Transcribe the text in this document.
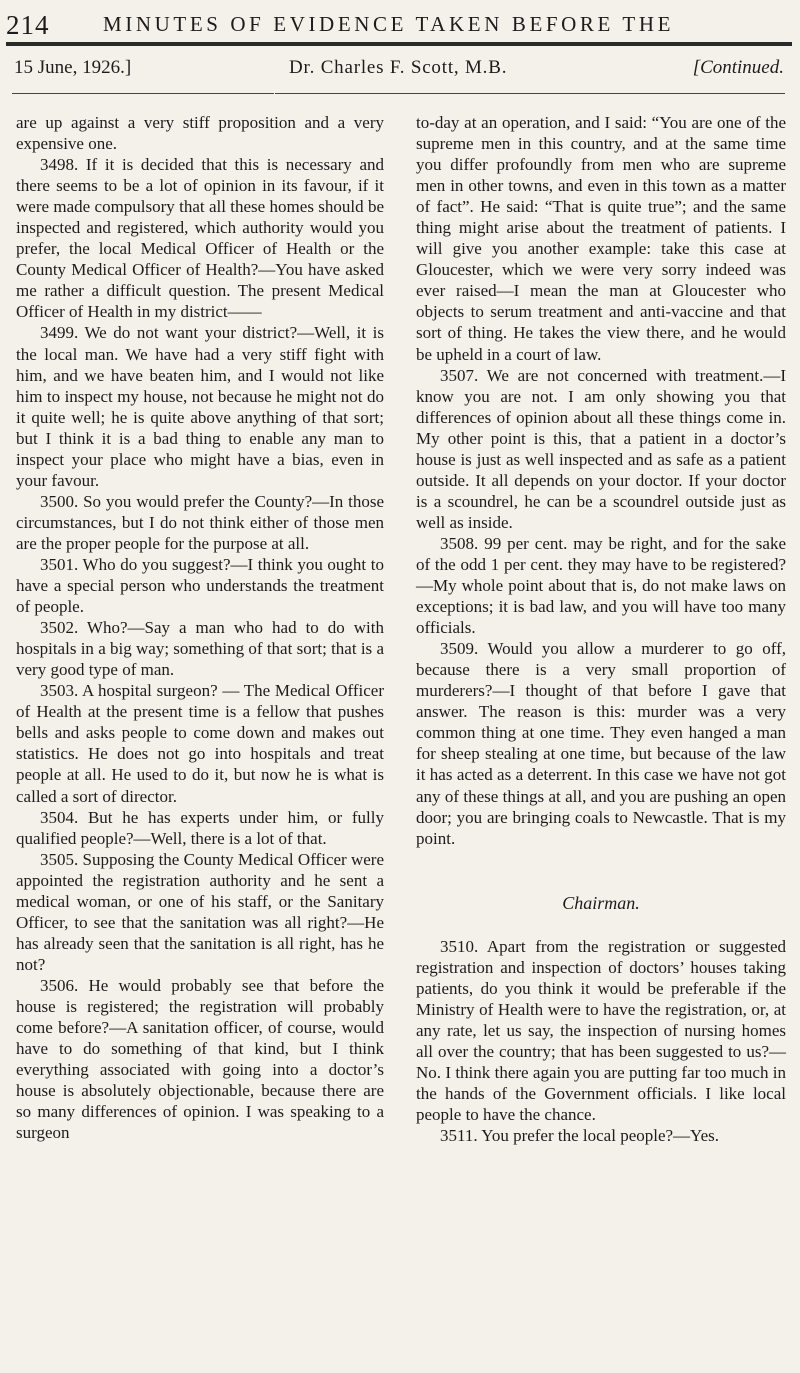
214	MINUTES OF EVIDENCE TAKEN BEFORE THE
15 June, 1926.]	Dr. Charles F. Scott, M.B.	[Continued.

are up against a very stiff proposition and a very expensive one.

3498. If it is decided that this is necessary and there seems to be a lot of opinion in its favour, if it were made compulsory that all these homes should be inspected and registered, which authority would you prefer, the local Medical Officer of Health or the County Medical Officer of Health?—You have asked me rather a difficult question. The present Medical Officer of Health in my district——

3499. We do not want your district?—Well, it is the local man. We have had a very stiff fight with him, and we have beaten him, and I would not like him to inspect my house, not because he might not do it quite well; he is quite above anything of that sort; but I think it is a bad thing to enable any man to inspect your place who might have a bias, even in your favour.

3500. So you would prefer the County?—In those circumstances, but I do not think either of those men are the proper people for the purpose at all.

3501. Who do you suggest?—I think you ought to have a special person who understands the treatment of people.

3502. Who?—Say a man who had to do with hospitals in a big way; something of that sort; that is a very good type of man.

3503. A hospital surgeon? — The Medical Officer of Health at the present time is a fellow that pushes bells and asks people to come down and makes out statistics. He does not go into hospitals and treat people at all. He used to do it, but now he is what is called a sort of director.

3504. But he has experts under him, or fully qualified people?—Well, there is a lot of that.

3505. Supposing the County Medical Officer were appointed the registration authority and he sent a medical woman, or one of his staff, or the Sanitary Officer, to see that the sanitation was all right?—He has already seen that the sanitation is all right, has he not?

3506. He would probably see that before the house is registered; the registration will probably come before?—A sanitation officer, of course, would have to do something of that kind, but I think everything associated with going into a doctor’s house is absolutely objectionable, because there are so many differences of opinion. I was speaking to a surgeon

to-day at an operation, and I said: “You are one of the supreme men in this country, and at the same time you differ profoundly from men who are supreme men in other towns, and even in this town as a matter of fact”. He said: “That is quite true”; and the same thing might arise about the treatment of patients. I will give you another example: take this case at Gloucester, which we were very sorry indeed was ever raised—I mean the man at Gloucester who objects to serum treatment and anti-vaccine and that sort of thing. He takes the view there, and he would be upheld in a court of law.

3507. We are not concerned with treatment.—I know you are not. I am only showing you that differences of opinion about all these things come in. My other point is this, that a patient in a doctor’s house is just as well inspected and as safe as a patient outside. It all depends on your doctor. If your doctor is a scoundrel, he can be a scoundrel outside just as well as inside.

3508. 99 per cent. may be right, and for the sake of the odd 1 per cent. they may have to be registered?—My whole point about that is, do not make laws on exceptions; it is bad law, and you will have too many officials.

3509. Would you allow a murderer to go off, because there is a very small proportion of murderers?—I thought of that before I gave that answer. The reason is this: murder was a very common thing at one time. They even hanged a man for sheep stealing at one time, but because of the law it has acted as a deterrent. In this case we have not got any of these things at all, and you are pushing an open door; you are bringing coals to Newcastle. That is my point.

Chairman.

3510. Apart from the registration or suggested registration and inspection of doctors’ houses taking patients, do you think it would be preferable if the Ministry of Health were to have the registration, or, at any rate, let us say, the inspection of nursing homes all over the country; that has been suggested to us?—No. I think there again you are putting far too much in the hands of the Government officials. I like local people to have the chance.

3511. You prefer the local people?—Yes.
